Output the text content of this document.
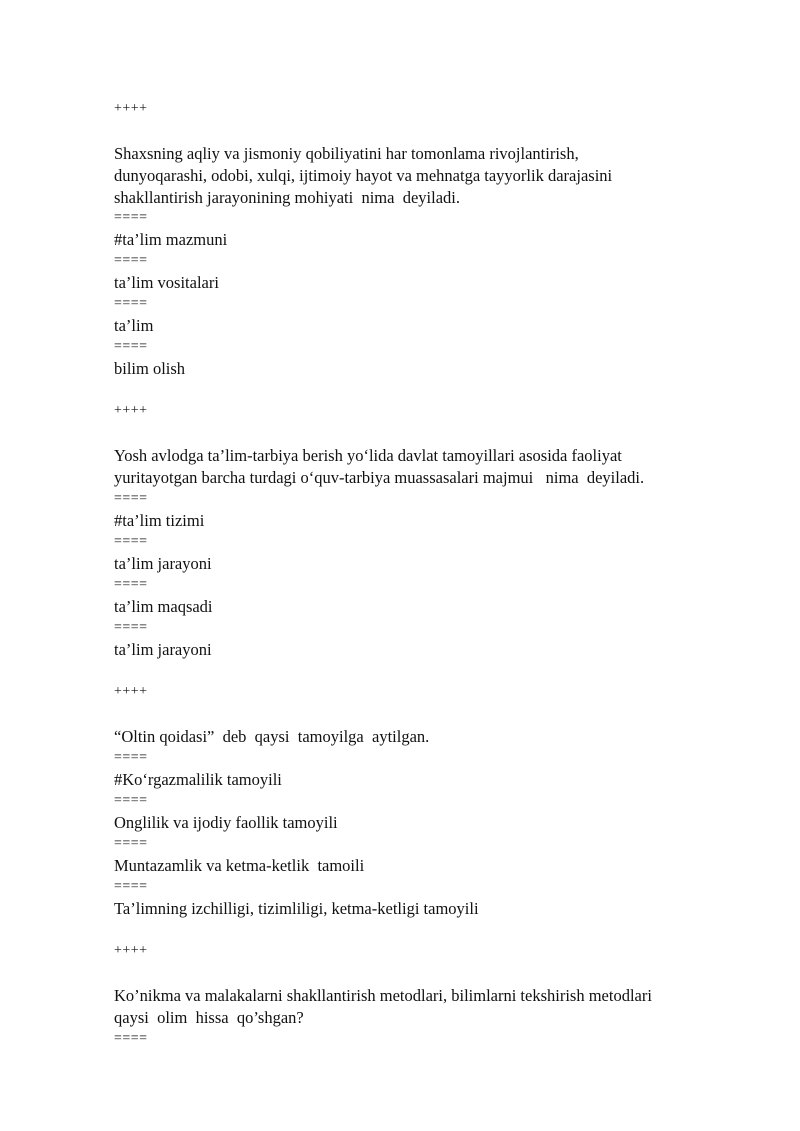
++++

Shaxsning aqliy va jismoniy qobiliyatini har tomonlama rivojlantirish,

dunyoqarashi, odobi, xulqi, ijtimoiy hayot va mehnatga tayyorlik darajasini

shakllantirish jarayonining mohiyati  nima  deyiladi.

====

#ta’lim mazmuni

====

ta’lim vositalari

====

ta’lim

====

bilim olish

++++

Yosh avlodga ta’lim-tarbiya berish yo‘lida davlat tamoyillari asosida faoliyat

yuritayotgan barcha turdagi o‘quv-tarbiya muassasalari majmui   nima  deyiladi.

====

#ta’lim tizimi

====

ta’lim jarayoni

====

ta’lim maqsadi

====

ta’lim jarayoni

++++

“Oltin qoidasi”  deb  qaysi  tamoyilga  aytilgan.

====

#Ko‘rgazmalilik tamoyili

====

Onglilik va ijodiy faollik tamoyili

====

Muntazamlik va ketma-ketlik  tamoili

====

Ta’limning izchilligi, tizimliligi, ketma-ketligi tamoyili

++++

Ko’nikma va malakalarni shakllantirish metodlari, bilimlarni tekshirish metodlari

qaysi  olim  hissa  qo’shgan?

====
